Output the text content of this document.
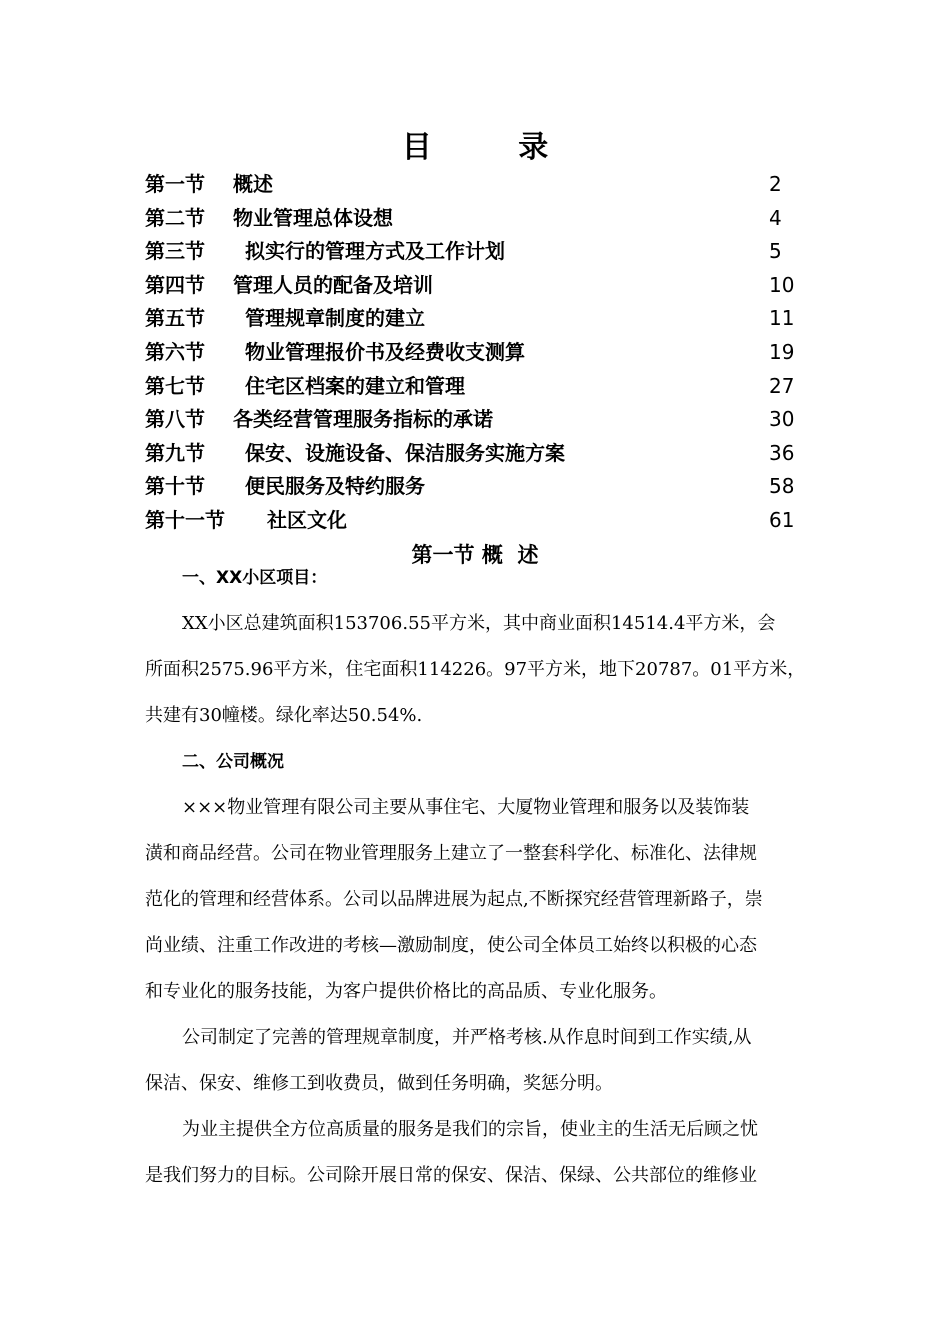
目 录
第一节 概述	2
第二节 物业管理总体设想	4
第三节 拟实行的管理方式及工作计划	5
第四节 管理人员的配备及培训	10
第五节 管理规章制度的建立	11
第六节 物业管理报价书及经费收支测算	19
第七节 住宅区档案的建立和管理	27
第八节 各类经营管理服务指标的承诺	30
第九节 保安、设施设备、保洁服务实施方案	36
第十节 便民服务及特约服务	58
第十一节 社区文化	61
第一节 概  述
一、XX小区项目：
XX小区总建筑面积153706.55平方米，其中商业面积14514.4平方米，会
所面积2575.96平方米，住宅面积114226。97平方米，地下20787。01平方米，
共建有30幢楼。绿化率达50.54%.
二、公司概况
×××物业管理有限公司主要从事住宅、大厦物业管理和服务以及装饰装
潢和商品经营。公司在物业管理服务上建立了一整套科学化、标准化、法律规
范化的管理和经营体系。公司以品牌进展为起点,不断探究经营管理新路子，崇
尚业绩、注重工作改进的考核—激励制度，使公司全体员工始终以积极的心态
和专业化的服务技能，为客户提供价格比的高品质、专业化服务。
公司制定了完善的管理规章制度，并严格考核.从作息时间到工作实绩,从
保洁、保安、维修工到收费员，做到任务明确，奖惩分明。
为业主提供全方位高质量的服务是我们的宗旨，使业主的生活无后顾之忧
是我们努力的目标。公司除开展日常的保安、保洁、保绿、公共部位的维修业
